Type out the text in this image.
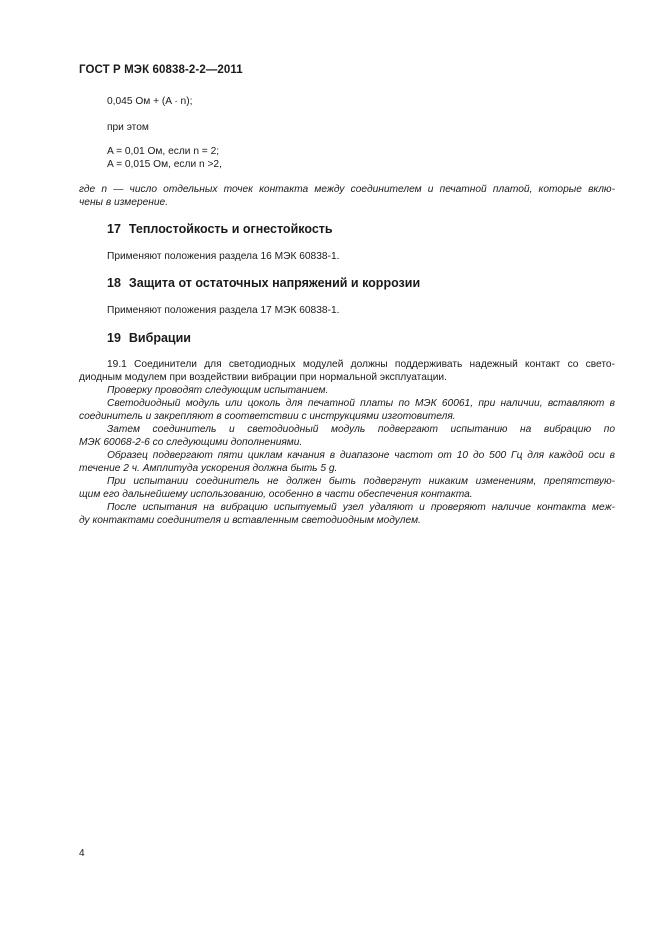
ГОСТ Р МЭК 60838-2-2—2011
0,045 Ом + (A · n);
при этом
A = 0,01 Ом, если n = 2;
A = 0,015 Ом, если n >2,
где n — число отдельных точек контакта между соединителем и печатной платой, которые вклю-
чены в измерение.
17 Теплостойкость и огнестойкость
Применяют положения раздела 16 МЭК 60838-1.
18 Защита от остаточных напряжений и коррозии
Применяют положения раздела 17 МЭК 60838-1.
19 Вибрации
19.1 Соединители для светодиодных модулей должны поддерживать надежный контакт со свето-
диодным модулем при воздействии вибрации при нормальной эксплуатации.
Проверку проводят следующим испытанием.
Светодиодный модуль или цоколь для печатной платы по МЭК 60061, при наличии, вставляют в
соединитель и закрепляют в соответствии с инструкциями изготовителя.
Затем соединитель и светодиодный модуль подвергают испытанию на вибрацию по
МЭК 60068-2-6 со следующими дополнениями.
Образец подвергают пяти циклам качания в диапазоне частот от 10 до 500 Гц для каждой оси в
течение 2 ч. Амплитуда ускорения должна быть 5 g.
При испытании соединитель не должен быть подвергнут никаким изменениям, препятствую-
щим его дальнейшему использованию, особенно в части обеспечения контакта.
После испытания на вибрацию испытуемый узел удаляют и проверяют наличие контакта меж-
ду контактами соединителя и вставленным светодиодным модулем.
4
